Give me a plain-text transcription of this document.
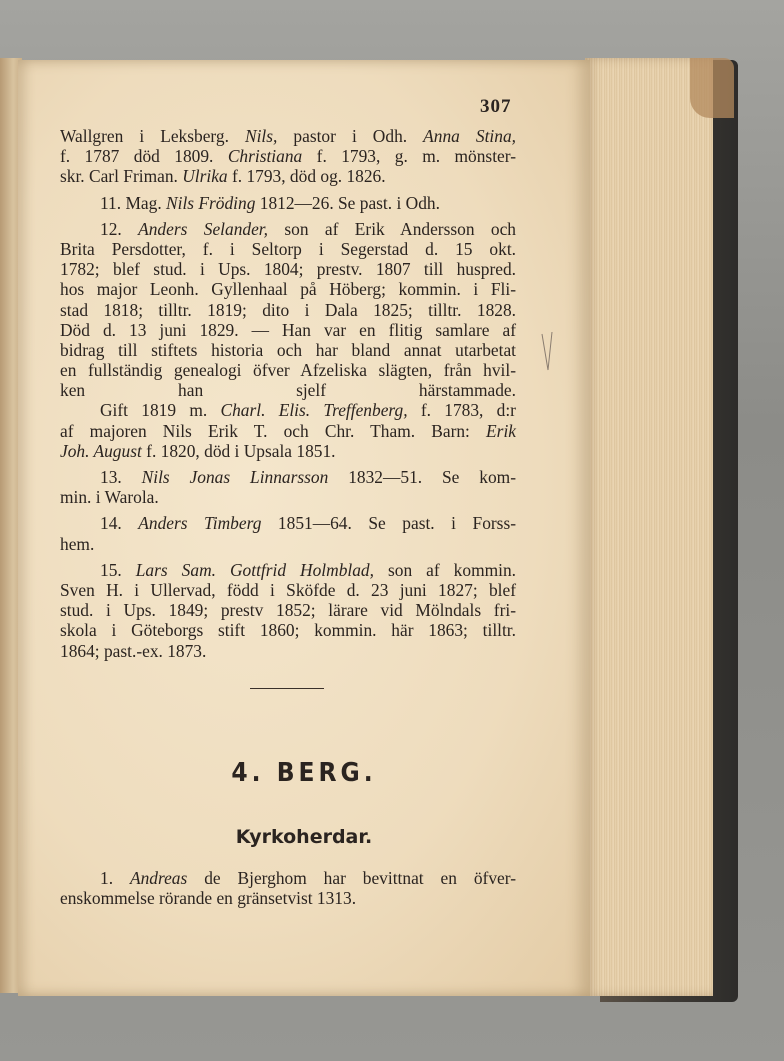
307
Wallgren i Leksberg. Nils, pastor i Odh. Anna Stina,
f. 1787 död 1809. Christiana f. 1793, g. m. mönster-
skr. Carl Friman. Ulrika f. 1793, död og. 1826.
11. Mag. Nils Fröding 1812—26. Se past. i Odh.
12. Anders Selander, son af Erik Andersson och
Brita Persdotter, f. i Seltorp i Segerstad d. 15 okt.
1782; blef stud. i Ups. 1804; prestv. 1807 till huspred.
hos major Leonh. Gyllenhaal på Höberg; kommin. i Fli-
stad 1818; tilltr. 1819; dito i Dala 1825; tilltr. 1828.
Död d. 13 juni 1829. — Han var en flitig samlare af
bidrag till stiftets historia och har bland annat utarbetat
en fullständig genealogi öfver Afzeliska slägten, från hvil-
ken han sjelf härstammade.
Gift 1819 m. Charl. Elis. Treffenberg, f. 1783, d:r
af majoren Nils Erik T. och Chr. Tham. Barn: Erik
Joh. August f. 1820, död i Upsala 1851.
13. Nils Jonas Linnarsson 1832—51. Se kom-
min. i Warola.
14. Anders Timberg 1851—64. Se past. i Forss-
hem.
15. Lars Sam. Gottfrid Holmblad, son af kommin.
Sven H. i Ullervad, född i Sköfde d. 23 juni 1827; blef
stud. i Ups. 1849; prestv 1852; lärare vid Mölndals fri-
skola i Göteborgs stift 1860; kommin. här 1863; tilltr.
1864; past.-ex. 1873.
4. BERG.
Kyrkoherdar.
1. Andreas de Bjerghom har bevittnat en öfver-
enskommelse rörande en gränsetvist 1313.
